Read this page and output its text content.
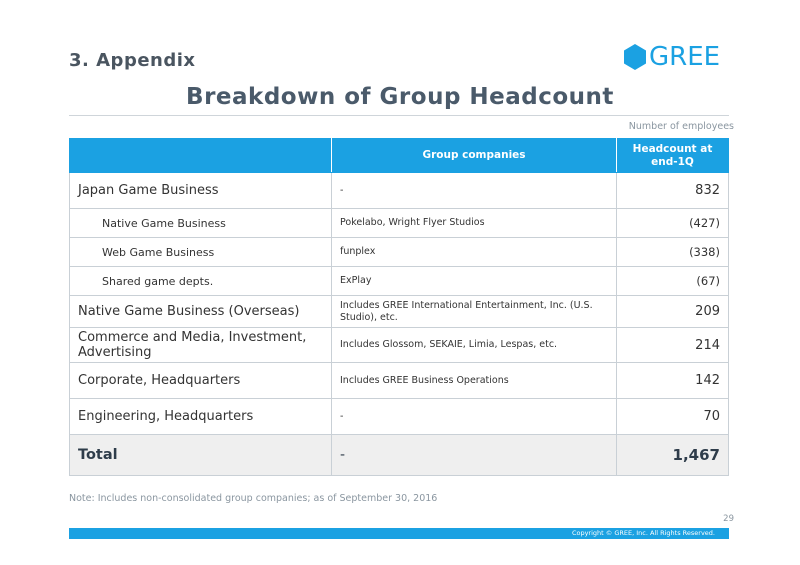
3. Appendix	GREE
Breakdown of Group Headcount
Number of employees
	Group companies	Headcount at end-1Q
Japan Game Business	-	832
Native Game Business	Pokelabo, Wright Flyer Studios	(427)
Web Game Business	funplex	(338)
Shared game depts.	ExPlay	(67)
Native Game Business (Overseas)	Includes GREE International Entertainment, Inc. (U.S. Studio), etc.	209
Commerce and Media, Investment, Advertising	Includes Glossom, SEKAIE, Limia, Lespas, etc.	214
Corporate, Headquarters	Includes GREE Business Operations	142
Engineering, Headquarters	-	70
Total	-	1,467
Note: Includes non-consolidated group companies; as of September 30, 2016
29
Copyright © GREE, Inc. All Rights Reserved.
